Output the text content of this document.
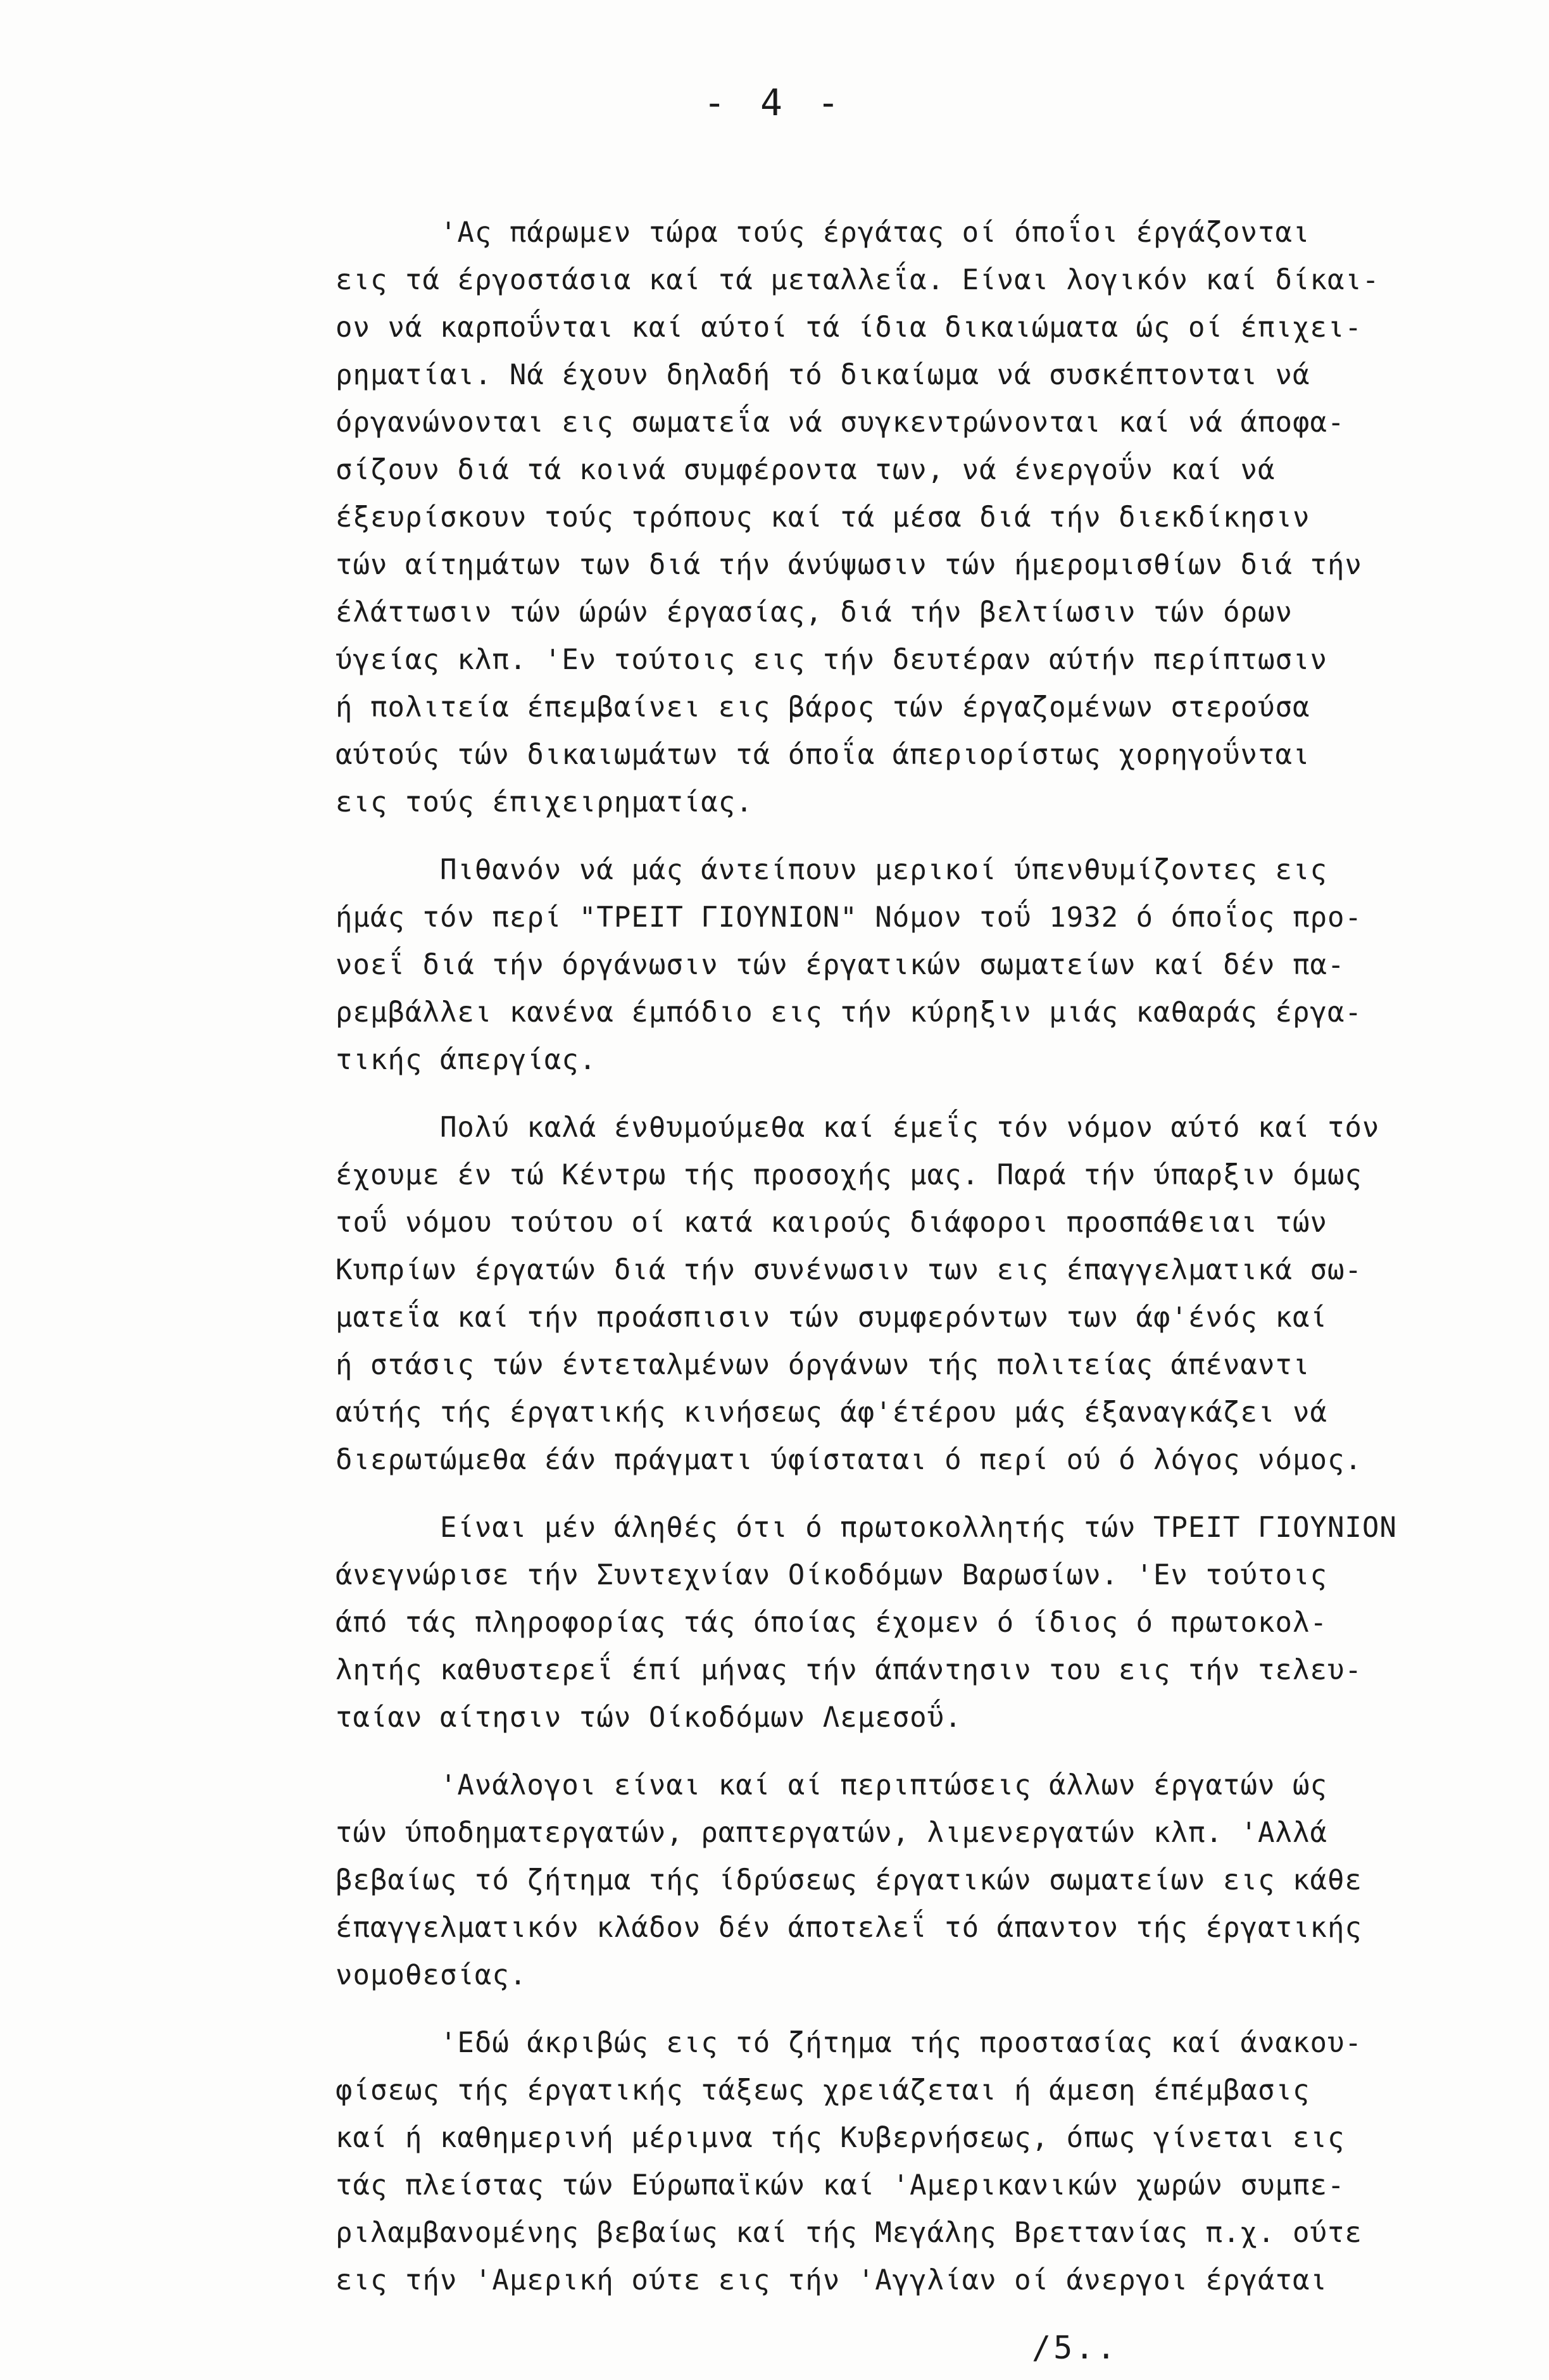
- 4 -
'Ας πάρωμεν τώρα τούς έργάτας οί όποΐοι έργάζονται
εις τά έργοστάσια καί τά μεταλλεΐα. Είναι λογικόν καί δίκαι-
ον νά καρποΰνται καί αύτοί τά ίδια δικαιώματα ώς οί έπιχει-
ρηματίαι. Νά έχουν δηλαδή τό δικαίωμα νά συσκέπτονται νά
όργανώνονται εις σωματεΐα νά συγκεντρώνονται καί νά άποφα-
σίζουν διά τά κοινά συμφέροντα των, νά ένεργοΰν καί νά
έξευρίσκουν τούς τρόπους καί τά μέσα διά τήν διεκδίκησιν
τών αίτημάτων των διά τήν άνύψωσιν τών ήμερομισθίων διά τήν
έλάττωσιν τών ώρών έργασίας, διά τήν βελτίωσιν τών όρων
ύγείας κλπ. 'Εν τούτοις εις τήν δευτέραν αύτήν περίπτωσιν
ή πολιτεία έπεμβαίνει εις βάρος τών έργαζομένων στερούσα
αύτούς τών δικαιωμάτων τά όποΐα άπεριορίστως χορηγοΰνται
εις τούς έπιχειρηματίας.
Πιθανόν νά μάς άντείπουν μερικοί ύπενθυμίζοντες εις
ήμάς τόν περί "ΤΡΕΙΤ ΓΙΟΥΝΙΟΝ" Νόμον τοΰ 1932 ό όποΐος προ-
νοεΐ διά τήν όργάνωσιν τών έργατικών σωματείων καί δέν πα-
ρεμβάλλει κανένα έμπόδιο εις τήν κύρηξιν μιάς καθαράς έργα-
τικής άπεργίας.
Πολύ καλά ένθυμούμεθα καί έμεΐς τόν νόμον αύτό καί τόν
έχουμε έν τώ Κέντρω τής προσοχής μας. Παρά τήν ύπαρξιν όμως
τοΰ νόμου τούτου οί κατά καιρούς διάφοροι προσπάθειαι τών
Κυπρίων έργατών διά τήν συνένωσιν των εις έπαγγελματικά σω-
ματεΐα καί τήν προάσπισιν τών συμφερόντων των άφ'ένός καί
ή στάσις τών έντεταλμένων όργάνων τής πολιτείας άπέναντι
αύτής τής έργατικής κινήσεως άφ'έτέρου μάς έξαναγκάζει νά
διερωτώμεθα έάν πράγματι ύφίσταται ό περί ού ό λόγος νόμος.
Είναι μέν άληθές ότι ό πρωτοκολλητής τών ΤΡΕΙΤ ΓΙΟΥΝΙΟΝ
άνεγνώρισε τήν Συντεχνίαν Οίκοδόμων Βαρωσίων. 'Εν τούτοις
άπό τάς πληροφορίας τάς όποίας έχομεν ό ίδιος ό πρωτοκολ-
λητής καθυστερεΐ έπί μήνας τήν άπάντησιν του εις τήν τελευ-
ταίαν αίτησιν τών Οίκοδόμων Λεμεσοΰ.
'Ανάλογοι είναι καί αί περιπτώσεις άλλων έργατών ώς
τών ύποδηματεργατών, ραπτεργατών, λιμενεργατών κλπ. 'Αλλά
βεβαίως τό ζήτημα τής ίδρύσεως έργατικών σωματείων εις κάθε
έπαγγελματικόν κλάδον δέν άποτελεΐ τό άπαντον τής έργατικής
νομοθεσίας.
'Εδώ άκριβώς εις τό ζήτημα τής προστασίας καί άνακου-
φίσεως τής έργατικής τάξεως χρειάζεται ή άμεση έπέμβασις
καί ή καθημερινή μέριμνα τής Κυβερνήσεως, όπως γίνεται εις
τάς πλείστας τών Εύρωπαϊκών καί 'Αμερικανικών χωρών συμπε-
ριλαμβανομένης βεβαίως καί τής Μεγάλης Βρεττανίας π.χ. ούτε
εις τήν 'Αμερική ούτε εις τήν 'Αγγλίαν οί άνεργοι έργάται
/5..
